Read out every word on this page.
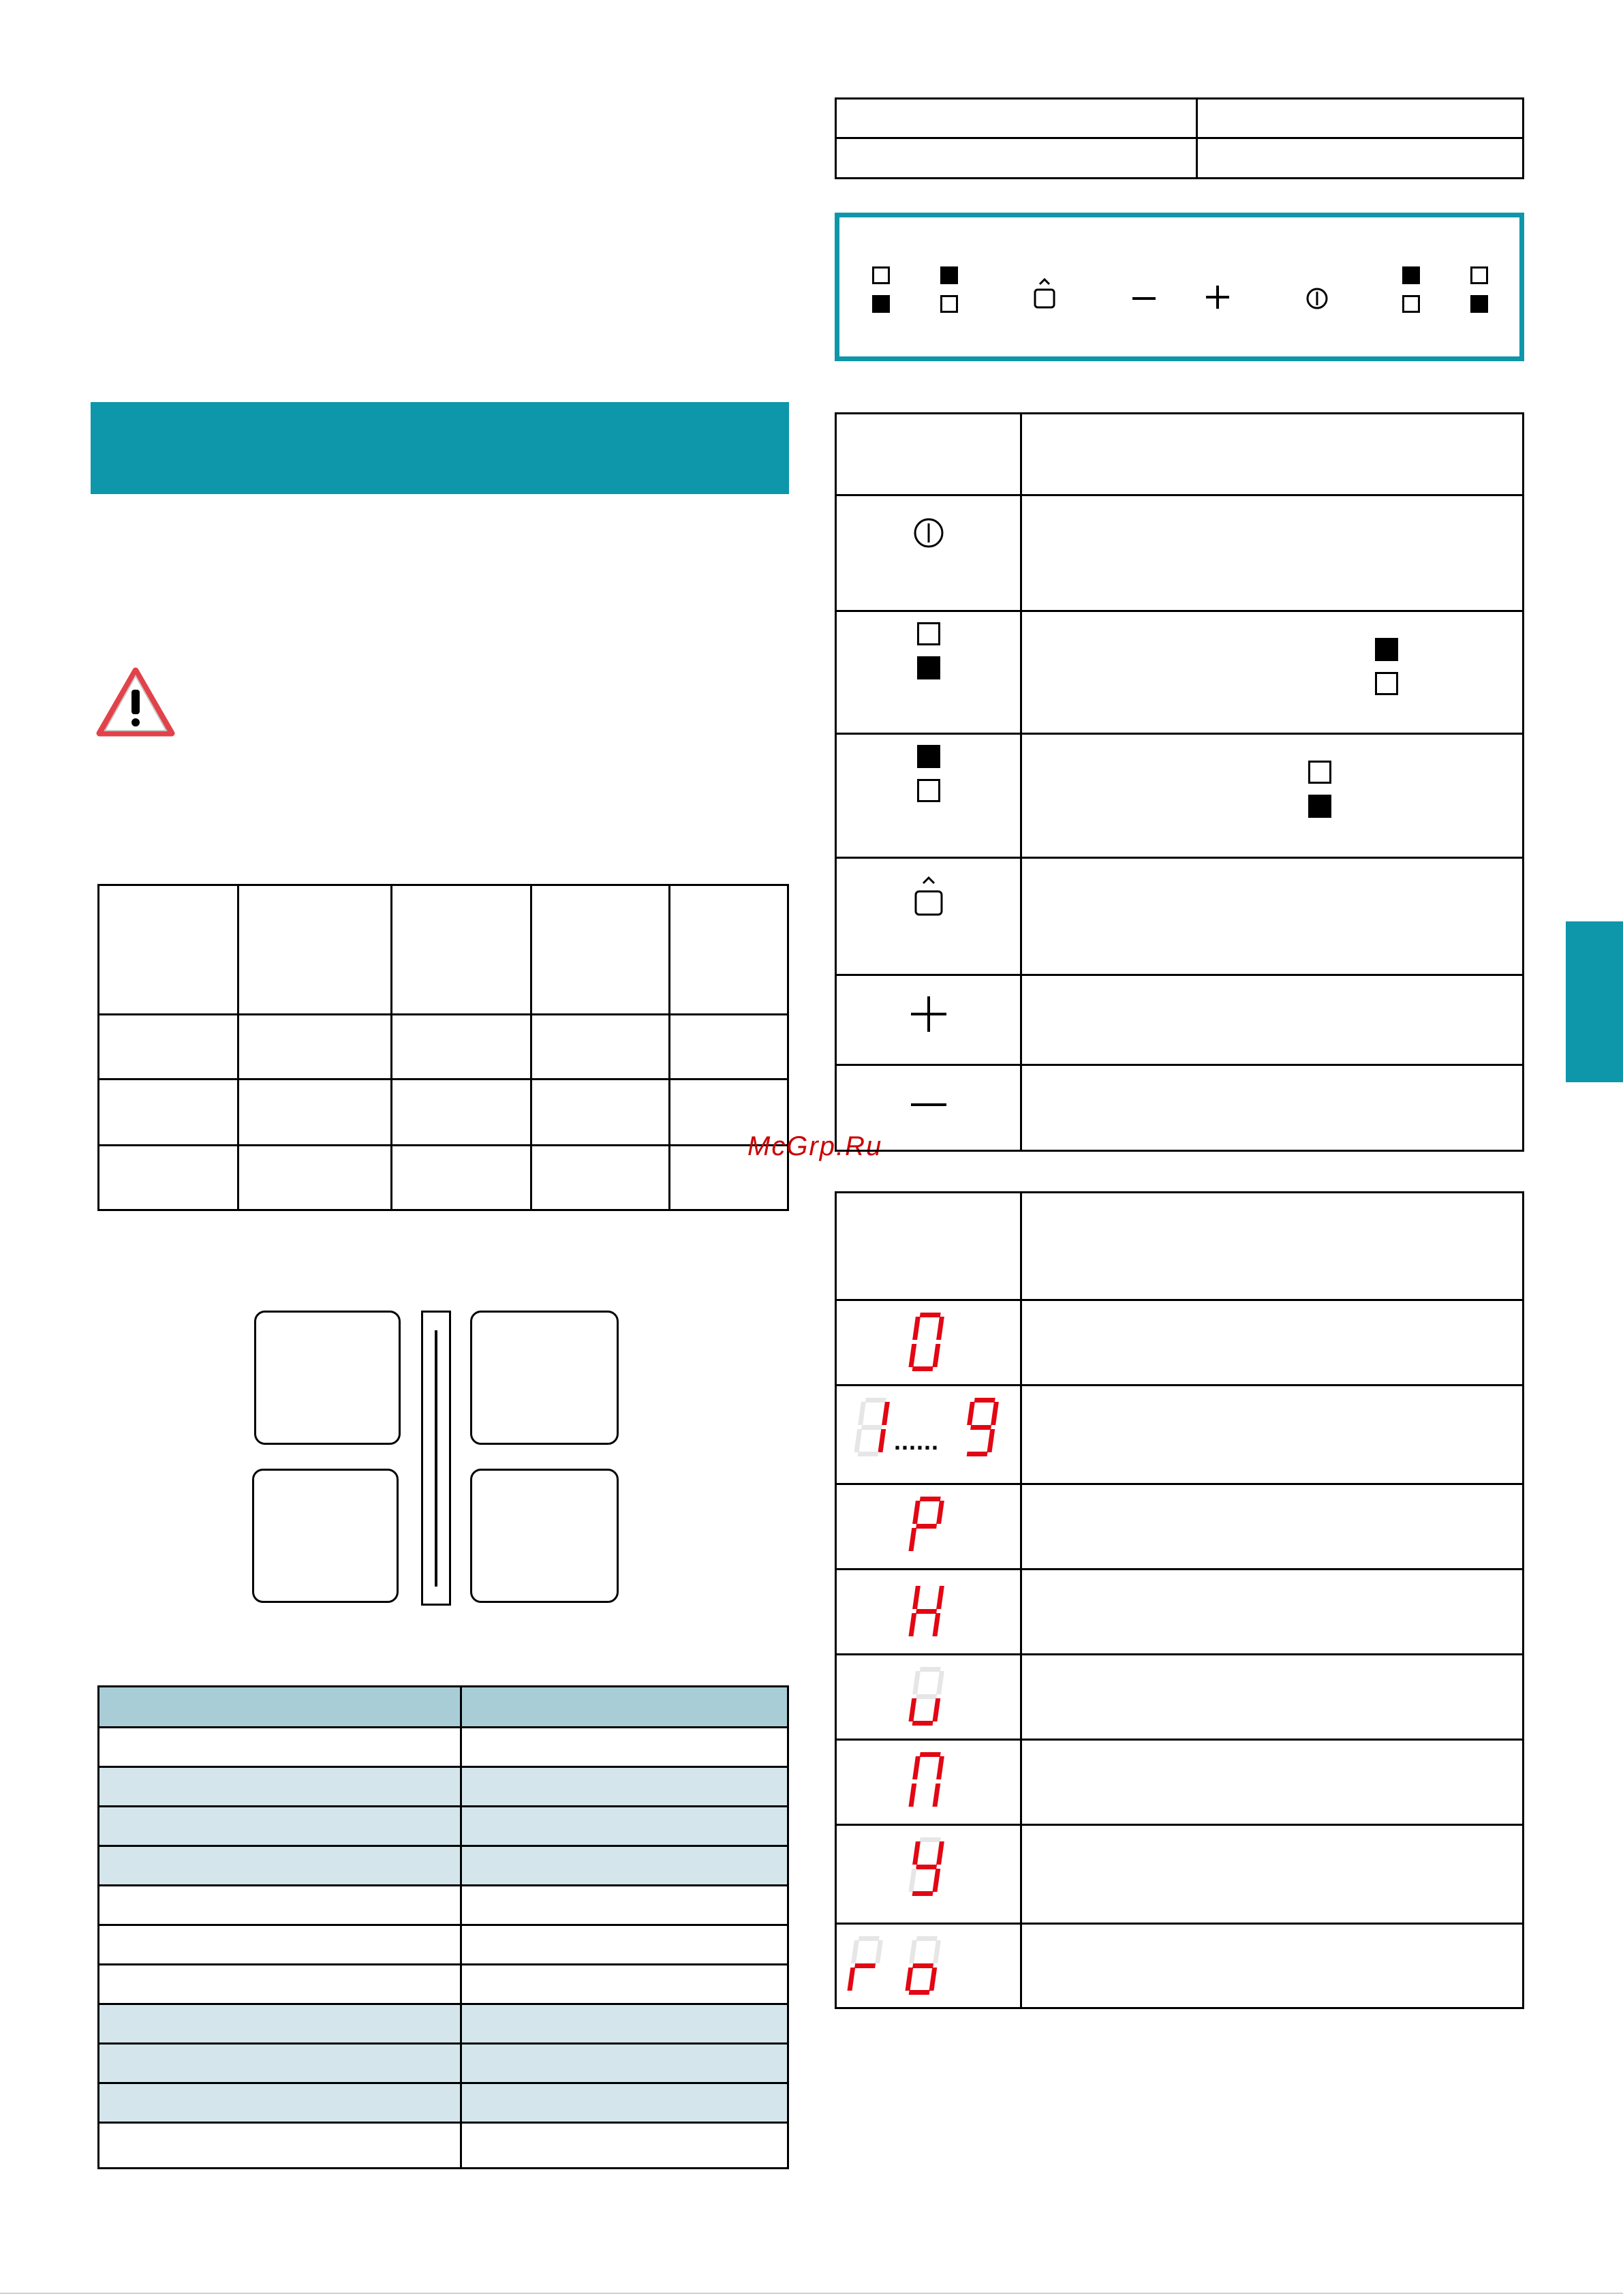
McGrp.Ru

......	
